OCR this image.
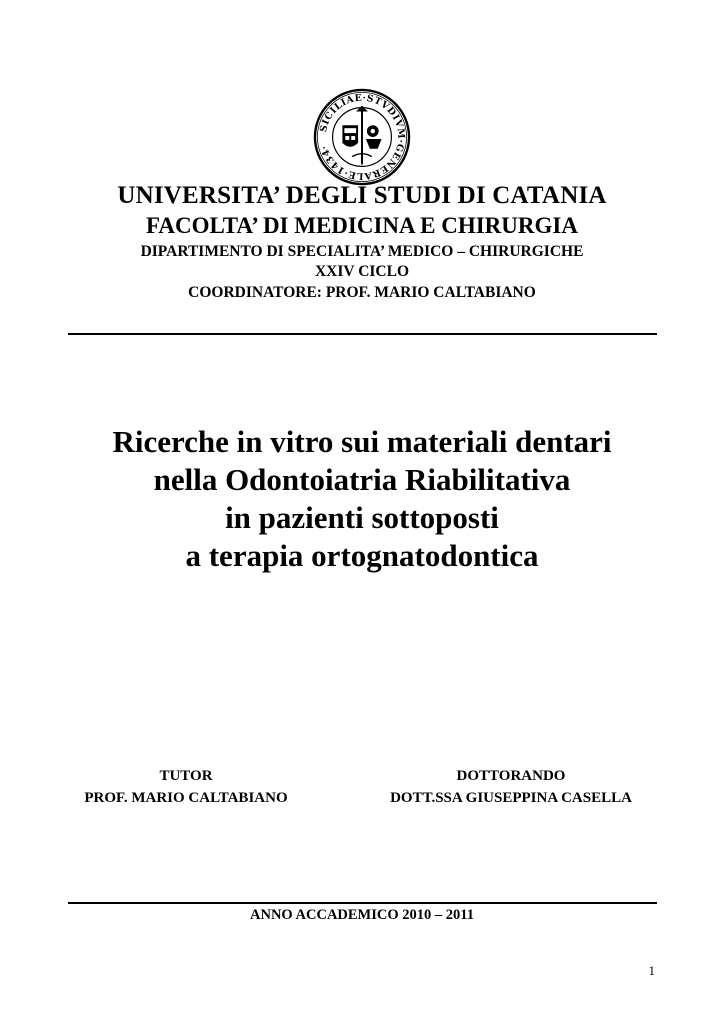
SICILIAE·STVDIVM·GENERALE·1434·
UNIVERSITA’ DEGLI STUDI DI CATANIA
FACOLTA’ DI MEDICINA E CHIRURGIA
DIPARTIMENTO DI SPECIALITA’ MEDICO – CHIRURGICHE
XXIV CICLO
COORDINATORE: PROF. MARIO CALTABIANO
Ricerche in vitro sui materiali dentari
nella Odontoiatria Riabilitativa
in pazienti sottoposti
a terapia ortognatodontica
TUTOR
PROF. MARIO CALTABIANO
DOTTORANDO
DOTT.SSA GIUSEPPINA CASELLA
ANNO ACCADEMICO 2010 – 2011
1
